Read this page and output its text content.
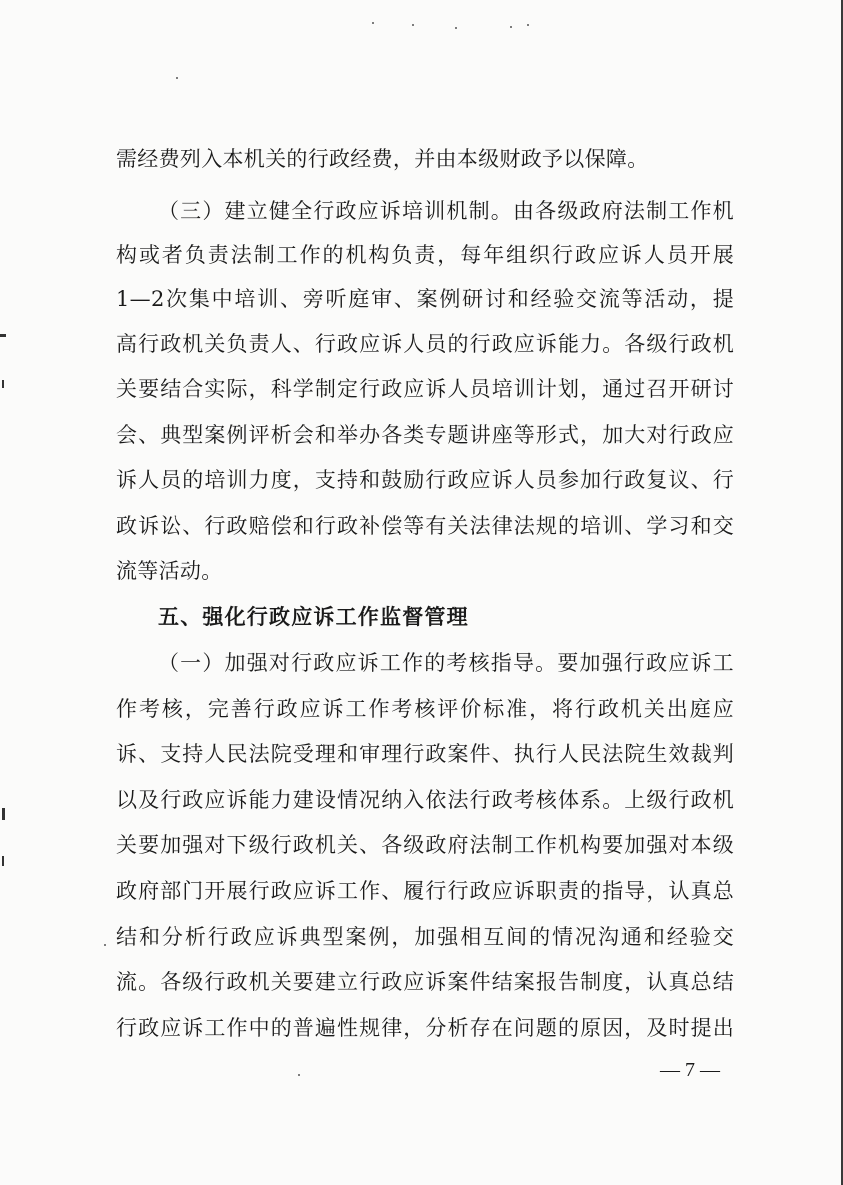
需经费列入本机关的行政经费，并由本级财政予以保障。
（三）建立健全行政应诉培训机制。由各级政府法制工作机
构或者负责法制工作的机构负责，每年组织行政应诉人员开展
1—2次集中培训、旁听庭审、案例研讨和经验交流等活动，提
高行政机关负责人、行政应诉人员的行政应诉能力。各级行政机
关要结合实际，科学制定行政应诉人员培训计划，通过召开研讨
会、典型案例评析会和举办各类专题讲座等形式，加大对行政应
诉人员的培训力度，支持和鼓励行政应诉人员参加行政复议、行
政诉讼、行政赔偿和行政补偿等有关法律法规的培训、学习和交
流等活动。
五、强化行政应诉工作监督管理
（一）加强对行政应诉工作的考核指导。要加强行政应诉工
作考核，完善行政应诉工作考核评价标准，将行政机关出庭应
诉、支持人民法院受理和审理行政案件、执行人民法院生效裁判
以及行政应诉能力建设情况纳入依法行政考核体系。上级行政机
关要加强对下级行政机关、各级政府法制工作机构要加强对本级
政府部门开展行政应诉工作、履行行政应诉职责的指导，认真总
结和分析行政应诉典型案例，加强相互间的情况沟通和经验交
流。各级行政机关要建立行政应诉案件结案报告制度，认真总结
行政应诉工作中的普遍性规律，分析存在问题的原因，及时提出
— 7 —
